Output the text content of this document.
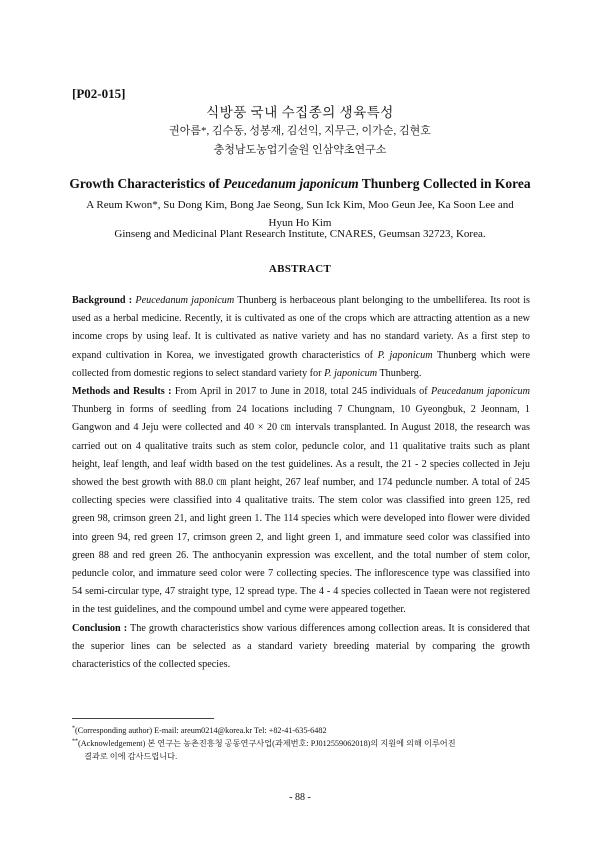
[P02-015]
식방풍 국내 수집종의 생육특성
권아름*, 김수동, 성봉재, 김선익, 지무근, 이가순, 김현호
충청남도농업기술원 인삼약초연구소
Growth Characteristics of Peucedanum japonicum Thunberg Collected in Korea
A Reum Kwon*, Su Dong Kim, Bong Jae Seong, Sun Ick Kim, Moo Geun Jee, Ka Soon Lee and Hyun Ho Kim
Ginseng and Medicinal Plant Research Institute, CNARES, Geumsan 32723, Korea.
ABSTRACT

Background : Peucedanum japonicum Thunberg is herbaceous plant belonging to the umbelliferea. Its root is used as a herbal medicine. Recently, it is cultivated as one of the crops which are attracting attention as a new income crops by using leaf. It is cultivated as native variety and has no standard variety. As a first step to expand cultivation in Korea, we investigated growth characteristics of P. japonicum Thunberg which were collected from domestic regions to select standard variety for P. japonicum Thunberg.

Methods and Results : From April in 2017 to June in 2018, total 245 individuals of Peucedanum japonicum Thunberg in forms of seedling from 24 locations including 7 Chungnam, 10 Gyeongbuk, 2 Jeonnam, 1 Gangwon and 4 Jeju were collected and 40 × 20 ㎝ intervals transplanted. In August 2018, the research was carried out on 4 qualitative traits such as stem color, peduncle color, and 11 qualitative traits such as plant height, leaf length, and leaf width based on the test guidelines. As a result, the 21 - 2 species collected in Jeju showed the best growth with 88.0 ㎝ plant height, 267 leaf number, and 174 peduncle number. A total of 245 collecting species were classified into 4 qualitative traits. The stem color was classified into green 125, red green 98, crimson green 21, and light green 1. The 114 species which were developed into flower were divided into green 94, red green 17, crimson green 2, and light green 1, and immature seed color was classified into green 88 and red green 26. The anthocyanin expression was excellent, and the total number of stem color, peduncle color, and immature seed color were 7 collecting species. The inflorescence type was classified into 54 semi-circular type, 47 straight type, 12 spread type. The 4 - 4 species collected in Taean were not registered in the test guidelines, and the compound umbel and cyme were appeared together.

Conclusion : The growth characteristics show various differences among collection areas. It is considered that the superior lines can be selected as a standard variety breeding material by comparing the growth characteristics of the collected species.

*(Corresponding author) E-mail: areum0214@korea.kr Tel: +82-41-635-6482
**(Acknowledgement) 본 연구는 농촌진흥청 공동연구사업(과제번호: PJ012559062018)의 지원에 의해 이루어진
결과로 이에 감사드립니다.
- 88 -
